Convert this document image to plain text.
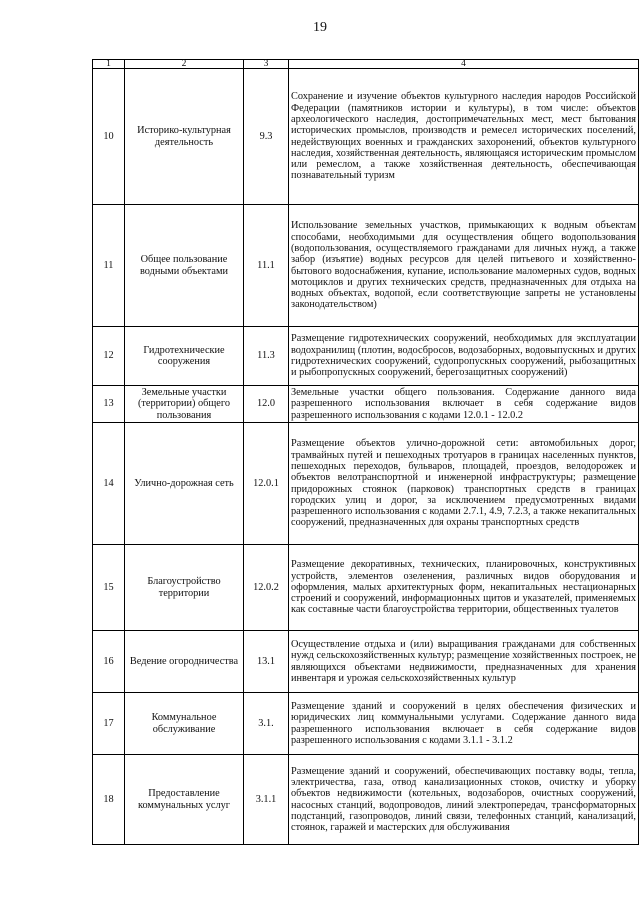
19
1	2	3	4
10	Историко-культурная деятельность	9.3	Сохранение и изучение объектов культурного наследия народов Российской Федерации (памятников истории и культуры), в том числе: объектов археологического наследия, достопримечательных мест, мест бытования исторических промыслов, производств и ремесел исторических поселений, недействующих военных и гражданских захоронений, объектов культурного наследия, хозяйственная деятельность, являющаяся историческим промыслом или ремеслом, а также хозяйственная деятельность, обеспечивающая познавательный туризм
11	Общее пользование водными объектами	11.1	Использование земельных участков, примыкающих к водным объектам способами, необходимыми для осуществления общего водопользования (водопользования, осуществляемого гражданами для личных нужд, а также забор (изъятие) водных ресурсов для целей питьевого и хозяйственно-бытового водоснабжения, купание, использование маломерных судов, водных мотоциклов и других технических средств, предназначенных для отдыха на водных объектах, водопой, если соответствующие запреты не установлены законодательством)
12	Гидротехнические сооружения	11.3	Размещение гидротехнических сооружений, необходимых для эксплуатации водохранилищ (плотин, водосбросов, водозаборных, водовыпускных и других гидротехнических сооружений, судопропускных сооружений, рыбозащитных и рыбопропускных сооружений, берегозащитных сооружений)
13	Земельные участки (территории) общего пользования	12.0	Земельные участки общего пользования. Содержание данного вида разрешенного использования включает в себя содержание видов разрешенного использования с кодами 12.0.1 - 12.0.2
14	Улично-дорожная сеть	12.0.1	Размещение объектов улично-дорожной сети: автомобильных дорог, трамвайных путей и пешеходных тротуаров в границах населенных пунктов, пешеходных переходов, бульваров, площадей, проездов, велодорожек и объектов велотранспортной и инженерной инфраструктуры; размещение придорожных стоянок (парковок) транспортных средств в границах городских улиц и дорог, за исключением предусмотренных видами разрешенного использования с кодами 2.7.1, 4.9, 7.2.3, а также некапитальных сооружений, предназначенных для охраны транспортных средств
15	Благоустройство территории	12.0.2	Размещение декоративных, технических, планировочных, конструктивных устройств, элементов озеленения, различных видов оборудования и оформления, малых архитектурных форм, некапитальных нестационарных строений и сооружений, информационных щитов и указателей, применяемых как составные части благоустройства территории, общественных туалетов
16	Ведение огородничества	13.1	Осуществление отдыха и (или) выращивания гражданами для собственных нужд сельскохозяйственных культур; размещение хозяйственных построек, не являющихся объектами недвижимости, предназначенных для хранения инвентаря и урожая сельскохозяйственных культур
17	Коммунальное обслуживание	3.1.	Размещение зданий и сооружений в целях обеспечения физических и юридических лиц коммунальными услугами. Содержание данного вида разрешенного использования включает в себя содержание видов разрешенного использования с кодами 3.1.1 - 3.1.2
18	Предоставление коммунальных услуг	3.1.1	Размещение зданий и сооружений, обеспечивающих поставку воды, тепла, электричества, газа, отвод канализационных стоков, очистку и уборку объектов недвижимости (котельных, водозаборов, очистных сооружений, насосных станций, водопроводов, линий электропередач, трансформаторных подстанций, газопроводов, линий связи, телефонных станций, канализаций, стоянок, гаражей и мастерских для обслуживания
